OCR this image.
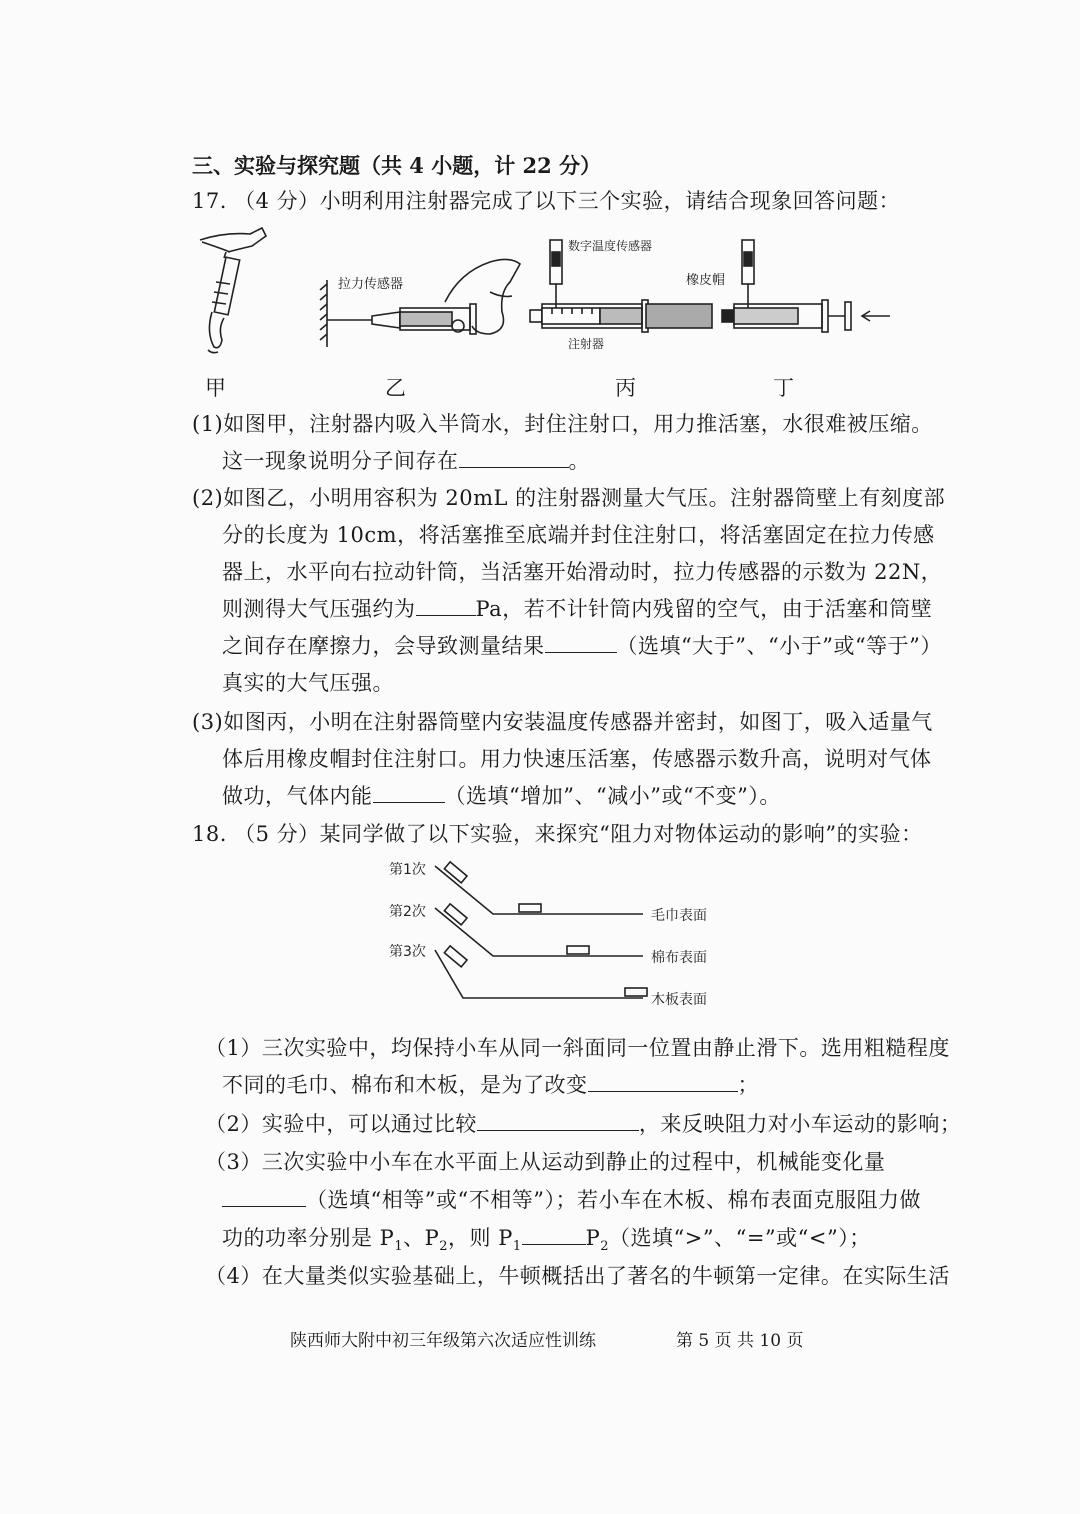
三、实验与探究题（共 4 小题，计 22 分）
17. （4 分）小明利用注射器完成了以下三个实验，请结合现象回答问题：
拉力传感器
数字温度传感器
注射器
橡皮帽
甲	乙	丙	丁
(1)如图甲，注射器内吸入半筒水，封住注射口，用力推活塞，水很难被压缩。
这一现象说明分子间存在	。
(2)如图乙，小明用容积为 20mL 的注射器测量大气压。注射器筒壁上有刻度部
分的长度为 10cm，将活塞推至底端并封住注射口，将活塞固定在拉力传感
器上，水平向右拉动针筒，当活塞开始滑动时，拉力传感器的示数为 22N，
则测得大气压强约为	Pa，若不计针筒内残留的空气，由于活塞和筒壁
之间存在摩擦力，会导致测量结果	（选填“大于”、“小于”或“等于”）
真实的大气压强。
(3)如图丙，小明在注射器筒壁内安装温度传感器并密封，如图丁，吸入适量气
体后用橡皮帽封住注射口。用力快速压活塞，传感器示数升高，说明对气体
做功，气体内能	（选填“增加”、“减小”或“不变”）。
18. （5 分）某同学做了以下实验，来探究“阻力对物体运动的影响”的实验：
第1次
第2次
第3次
毛巾表面
棉布表面
木板表面
（1）三次实验中，均保持小车从同一斜面同一位置由静止滑下。选用粗糙程度
不同的毛巾、棉布和木板，是为了改变	；
（2）实验中，可以通过比较	，来反映阻力对小车运动的影响；
（3）三次实验中小车在水平面上从运动到静止的过程中，机械能变化量
（选填“相等”或“不相等”）；若小车在木板、棉布表面克服阻力做
功的功率分别是 $P_1$、$P_2$，则 $P_1$	$P_2$（选填“>”、“=”或“<”）；
（4）在大量类似实验基础上，牛顿概括出了著名的牛顿第一定律。在实际生活
陕西师大附中初三年级第六次适应性训练	第 5 页 共 10 页
